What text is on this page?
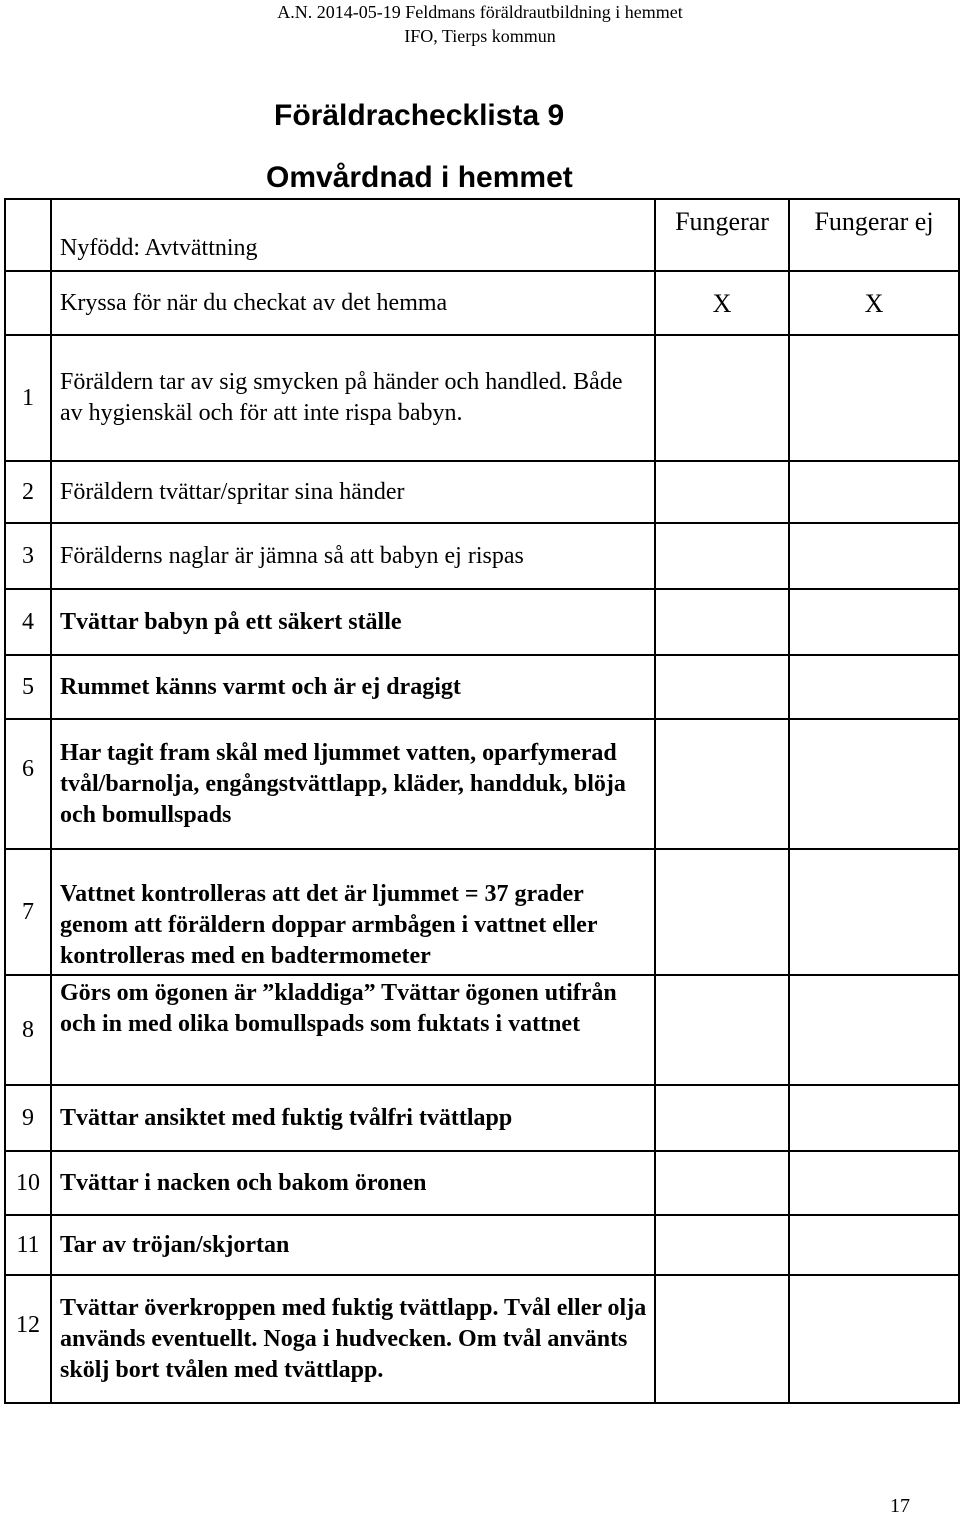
A.N. 2014-05-19 Feldmans föräldrautbildning i hemmet
IFO, Tierps kommun
Föräldrachecklista 9
Omvårdnad i hemmet
	Nyfödd: Avtvättning	Fungerar	Fungerar ej
	Kryssa för när du checkat av det hemma	X	X
1	Föräldern tar av sig smycken på händer och handled. Både av hygienskäl och för att inte rispa babyn.		
2	Föräldern tvättar/spritar sina händer		
3	Förälderns naglar är jämna så att babyn ej rispas		
4	Tvättar babyn på ett säkert ställe		
5	Rummet känns varmt och är ej dragigt		
6	Har tagit fram skål med ljummet vatten, oparfymerad tvål/barnolja, engångstvättlapp, kläder, handduk, blöja och bomullspads		
7	Vattnet kontrolleras att det är ljummet = 37 grader genom att föräldern doppar armbågen i vattnet eller kontrolleras med en badtermometer		
8	Görs om ögonen är ”kladdiga” Tvättar ögonen utifrån och in med olika bomullspads som fuktats i vattnet		
9	Tvättar ansiktet med fuktig tvålfri tvättlapp		
10	Tvättar i nacken och bakom öronen		
11	Tar av tröjan/skjortan		
12	Tvättar överkroppen med fuktig tvättlapp. Tvål eller olja används eventuellt. Noga i hudvecken. Om tvål använts skölj bort tvålen med tvättlapp.		
17
